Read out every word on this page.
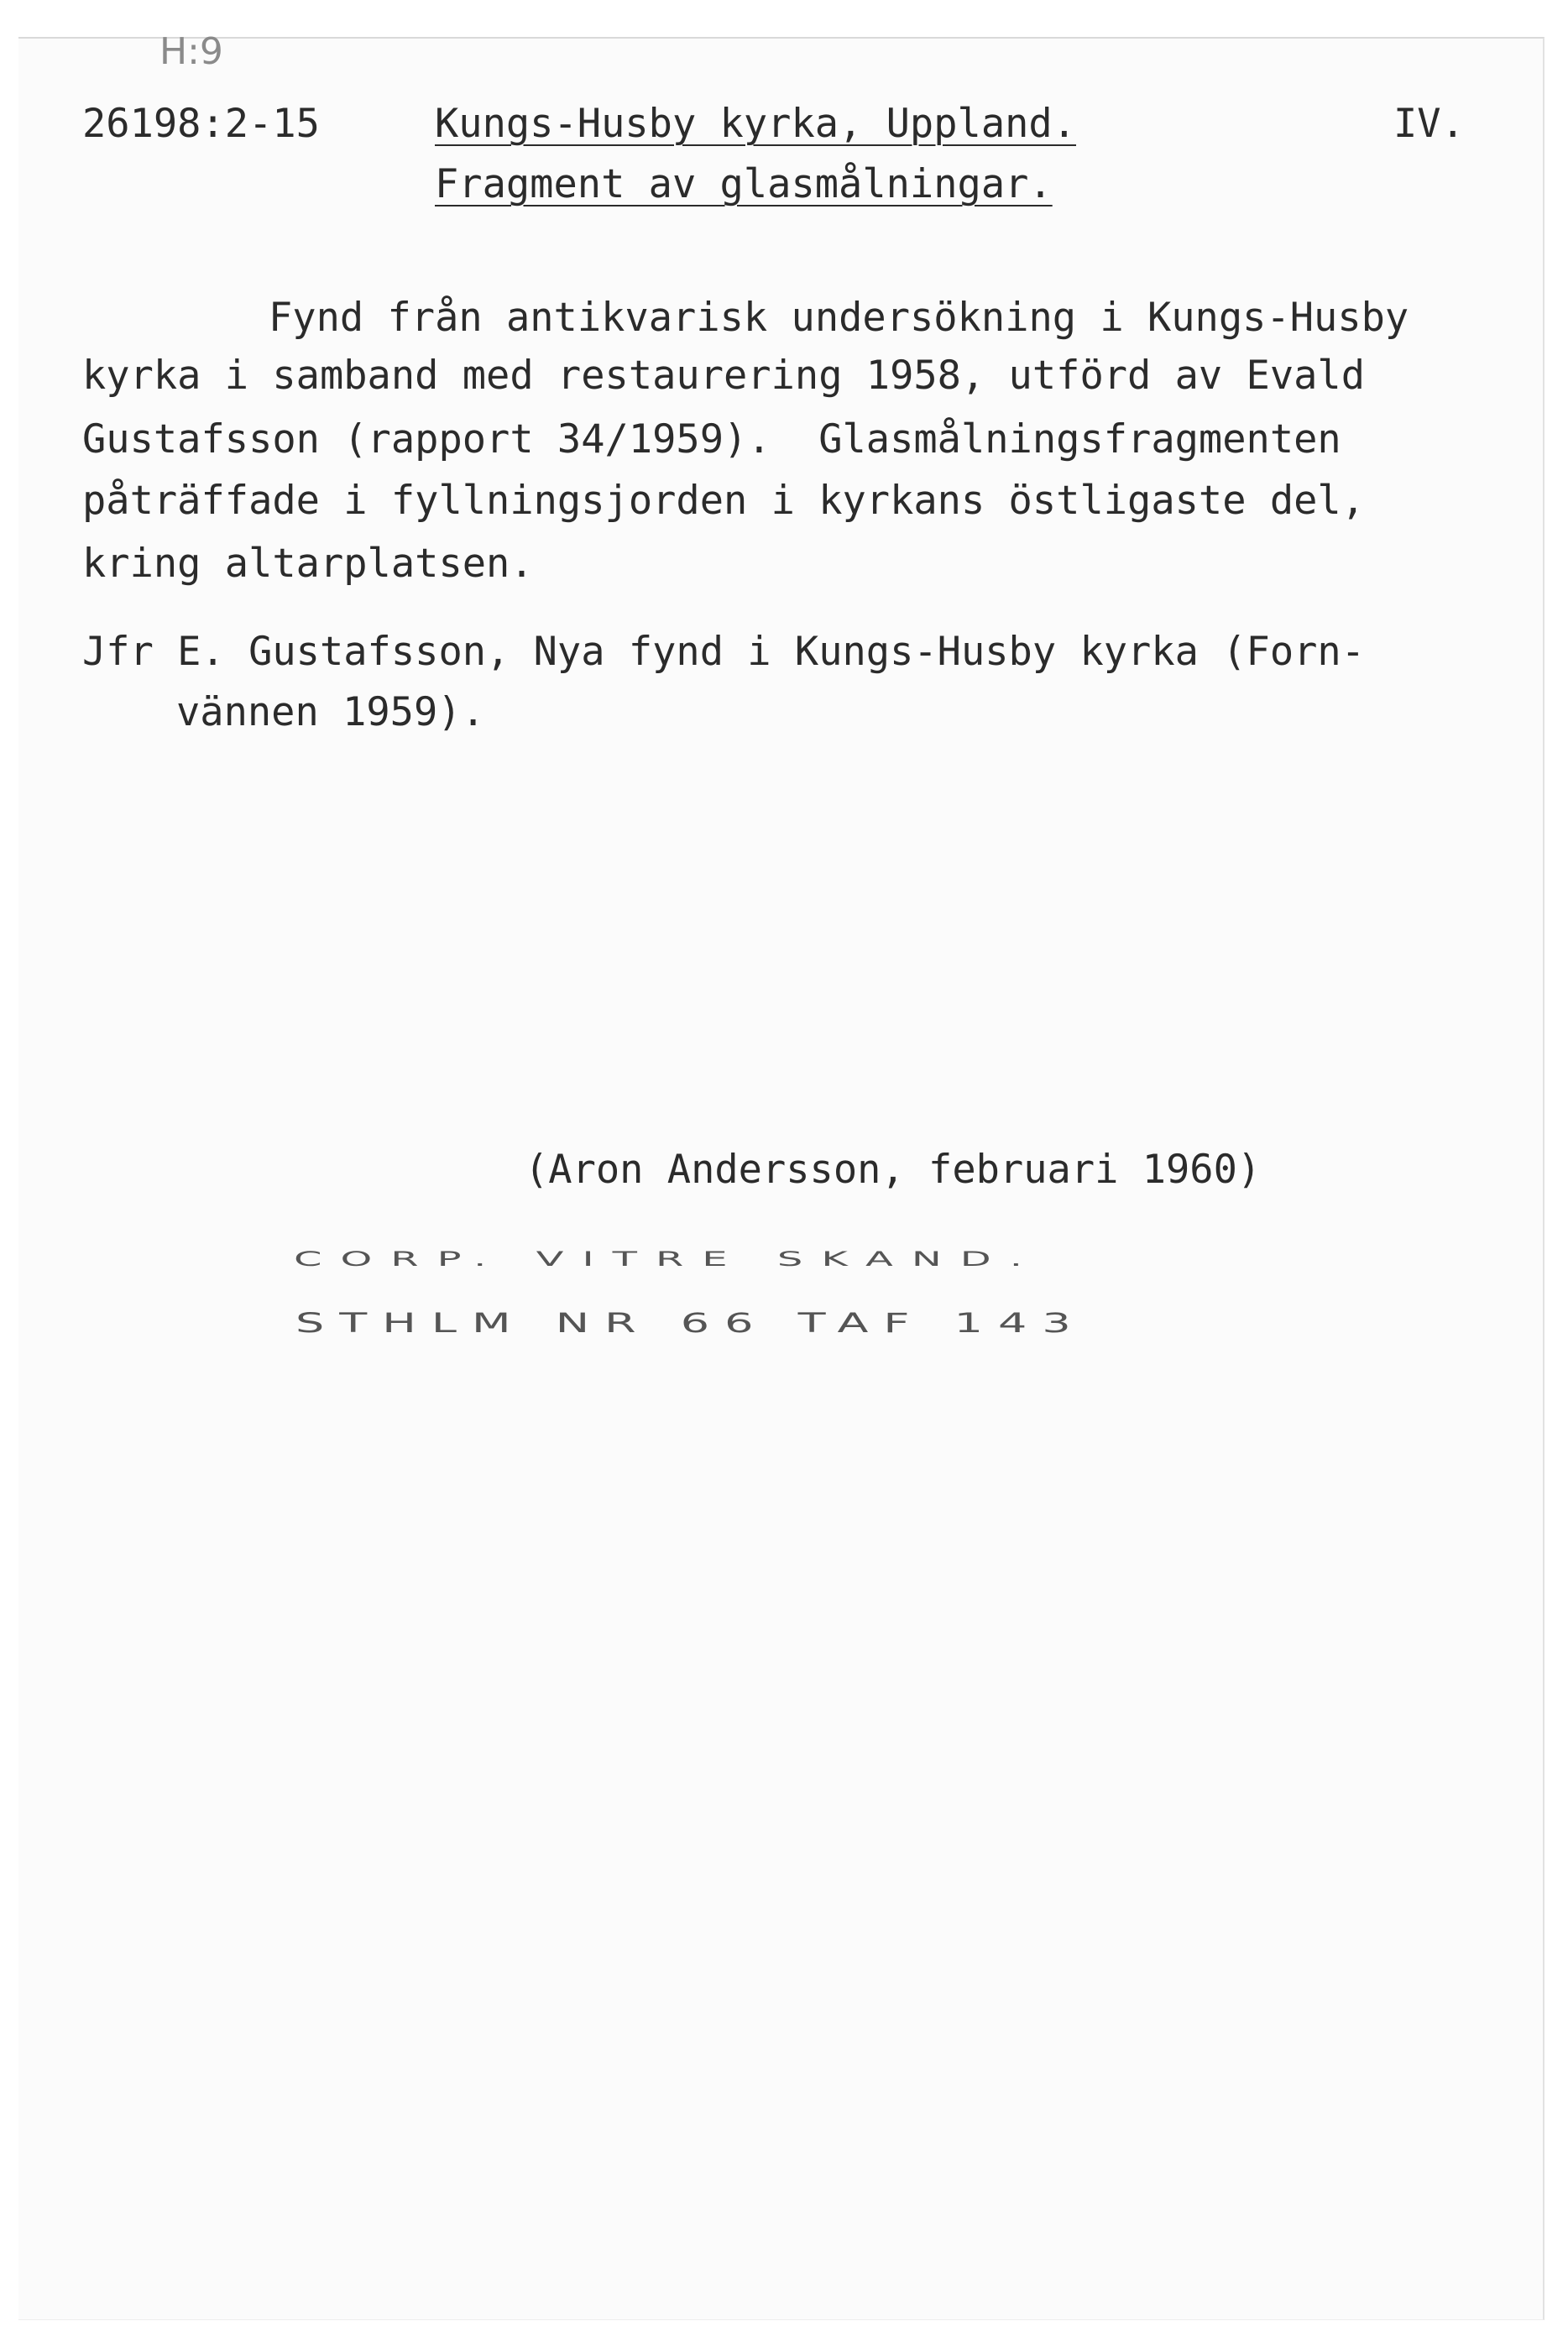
H:9
26198:2-15	Kungs-Husby kyrka, Uppland.	IV.
Fragment av glasmålningar.
Fynd från antikvarisk undersökning i Kungs-Husby
kyrka i samband med restaurering 1958, utförd av Evald
Gustafsson (rapport 34/1959).  Glasmålningsfragmenten
påträffade i fyllningsjorden i kyrkans östligaste del,
kring altarplatsen.
Jfr E. Gustafsson, Nya fynd i Kungs-Husby kyrka (Forn-
vännen 1959).
(Aron Andersson, februari 1960)
CORP. VITRE SKAND.
STHLM NR 66 TAF 143
